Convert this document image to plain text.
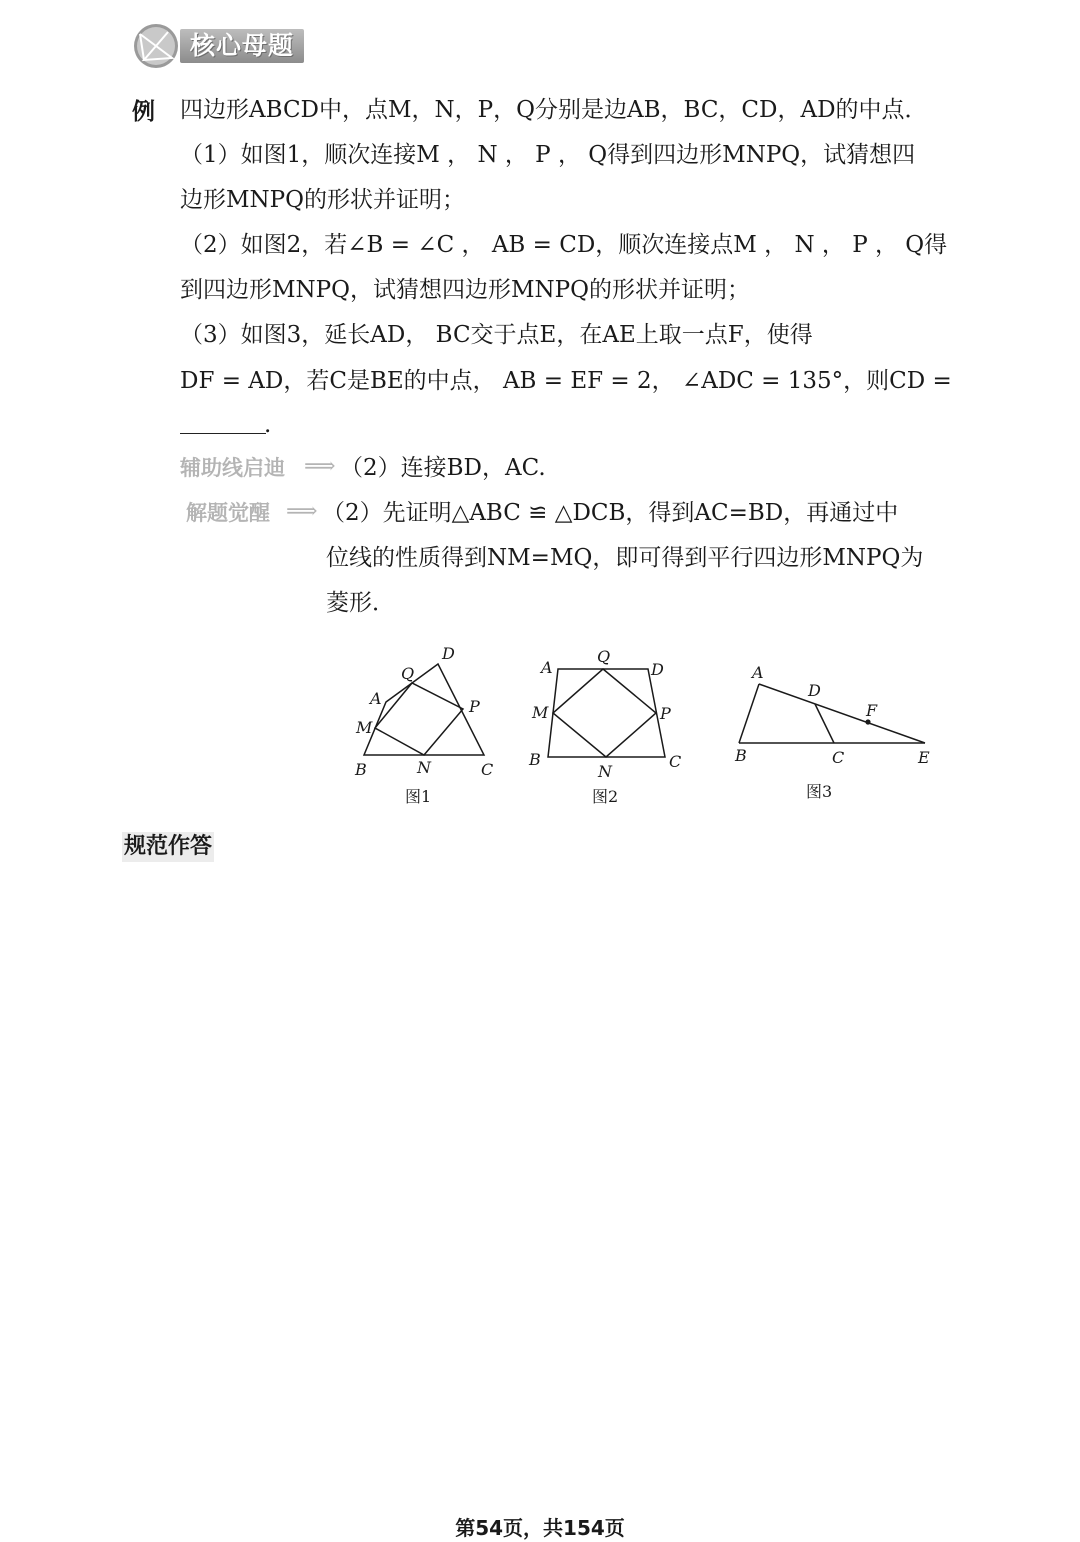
核心母题
例 四边形ABCD中，点M，N，P，Q分别是边AB，BC，CD，AD的中点．
（1）如图1，顺次连接M ， N ， P ， Q得到四边形MNPQ，试猜想四
边形MNPQ的形状并证明；
（2）如图2，若∠B = ∠C ， AB = CD，顺次连接点M ， N ， P ， Q得
到四边形MNPQ，试猜想四边形MNPQ的形状并证明；
（3）如图3，延长AD， BC交于点E，在AE上取一点F，使得
DF = AD，若C是BE的中点， AB = EF = 2， ∠ADC = 135°，则CD =
.
辅助线启迪 ⟹ （2）连接BD，AC.
解题觉醒 ⟹ （2）先证明△ABC ≌ △DCB，得到AC=BD，再通过中
位线的性质得到NM=MQ，即可得到平行四边形MNPQ为
菱形．
D
Q
A
M
P
B	N	C
图1
A
Q
D
M	P
B
N
C
图2
A
D
F
B	C	E
图3
规范作答
第54页，共154页
